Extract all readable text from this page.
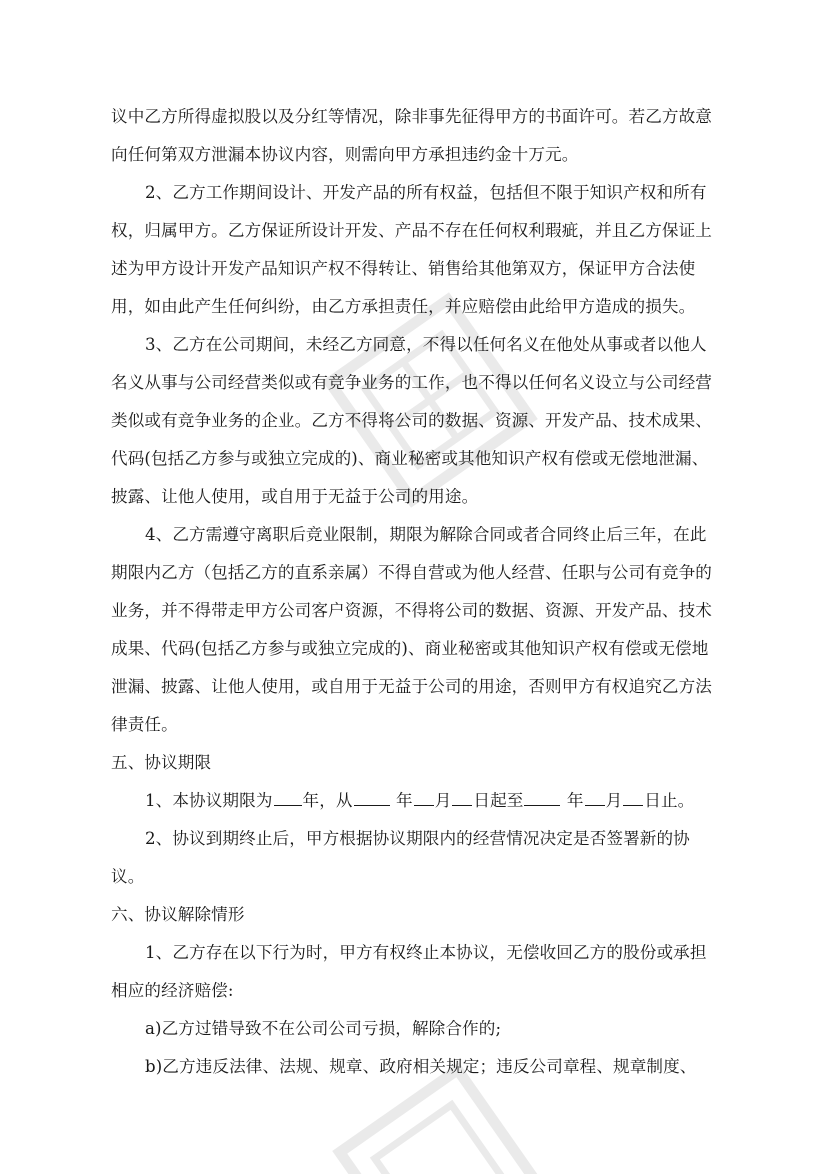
议中乙方所得虚拟股以及分红等情况，除非事先征得甲方的书面许可。若乙方故意向任何第双方泄漏本协议内容，则需向甲方承担违约金十万元。

2、乙方工作期间设计、开发产品的所有权益，包括但不限于知识产权和所有权，归属甲方。乙方保证所设计开发、产品不存在任何权利瑕疵，并且乙方保证上述为甲方设计开发产品知识产权不得转让、销售给其他第双方，保证甲方合法使用，如由此产生任何纠纷，由乙方承担责任，并应赔偿由此给甲方造成的损失。

3、乙方在公司期间，未经乙方同意，不得以任何名义在他处从事或者以他人名义从事与公司经营类似或有竞争业务的工作，也不得以任何名义设立与公司经营类似或有竞争业务的企业。乙方不得将公司的数据、资源、开发产品、技术成果、代码(包括乙方参与或独立完成的)、商业秘密或其他知识产权有偿或无偿地泄漏、披露、让他人使用，或自用于无益于公司的用途。

4、乙方需遵守离职后竞业限制，期限为解除合同或者合同终止后三年，在此期限内乙方（包括乙方的直系亲属）不得自营或为他人经营、任职与公司有竞争的业务，并不得带走甲方公司客户资源，不得将公司的数据、资源、开发产品、技术成果、代码(包括乙方参与或独立完成的)、商业秘密或其他知识产权有偿或无偿地泄漏、披露、让他人使用，或自用于无益于公司的用途，否则甲方有权追究乙方法律责任。

五、协议期限

1、本协议期限为 年，从	年 月 日起至	年 月 日止。

2、协议到期终止后，甲方根据协议期限内的经营情况决定是否签署新的协议。

六、协议解除情形

1、乙方存在以下行为时，甲方有权终止本协议，无偿收回乙方的股份或承担相应的经济赔偿:

a)乙方过错导致不在公司公司亏损，解除合作的;

b)乙方违反法律、法规、规章、政府相关规定；违反公司章程、规章制度、
